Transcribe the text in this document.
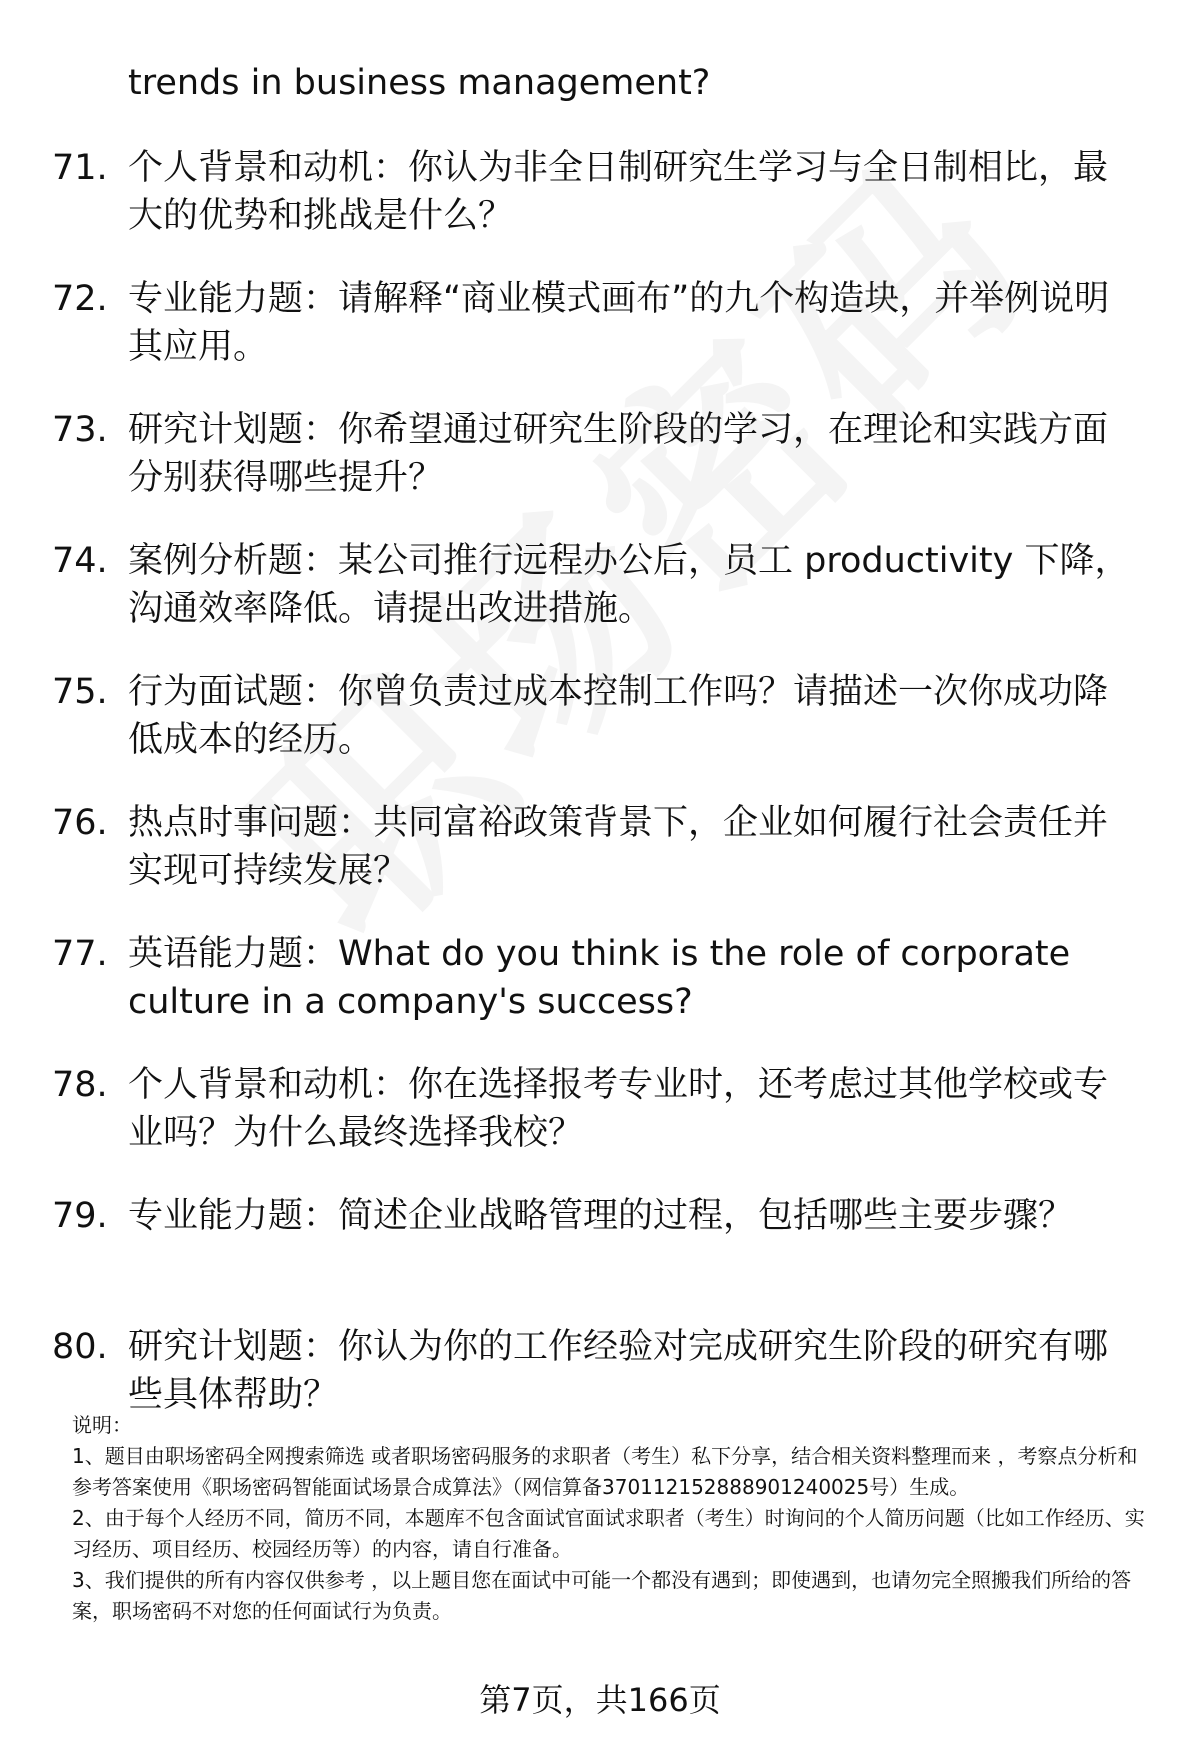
trends in business management?
71. 个人背景和动机：你认为非全日制研究生学习与全日制相比，最大的优势和挑战是什么？
72. 专业能力题：请解释“商业模式画布”的九个构造块，并举例说明其应用。
73. 研究计划题：你希望通过研究生阶段的学习，在理论和实践方面分别获得哪些提升？
74. 案例分析题：某公司推行远程办公后，员工 productivity 下降，沟通效率降低。请提出改进措施。
75. 行为面试题：你曾负责过成本控制工作吗？请描述一次你成功降低成本的经历。
76. 热点时事问题：共同富裕政策背景下，企业如何履行社会责任并实现可持续发展？
77. 英语能力题：What do you think is the role of corporate culture in a company's success?
78. 个人背景和动机：你在选择报考专业时，还考虑过其他学校或专业吗？为什么最终选择我校？
79. 专业能力题：简述企业战略管理的过程，包括哪些主要步骤？
80. 研究计划题：你认为你的工作经验对完成研究生阶段的研究有哪些具体帮助？

说明：

1、题目由职场密码全网搜索筛选 或者职场密码服务的求职者（考生）私下分享，结合相关资料整理而来 ，考察点分析和参考答案使用《职场密码智能面试场景合成算法》（网信算备370112152888901240025号）生成。

2、由于每个人经历不同，简历不同，本题库不包含面试官面试求职者（考生）时询问的个人简历问题（比如工作经历、实习经历、项目经历、校园经历等）的内容，请自行准备。

3、我们提供的所有内容仅供参考 ，以上题目您在面试中可能一个都没有遇到；即使遇到，也请勿完全照搬我们所给的答案，职场密码不对您的任何面试行为负责。

第7页，共166页
